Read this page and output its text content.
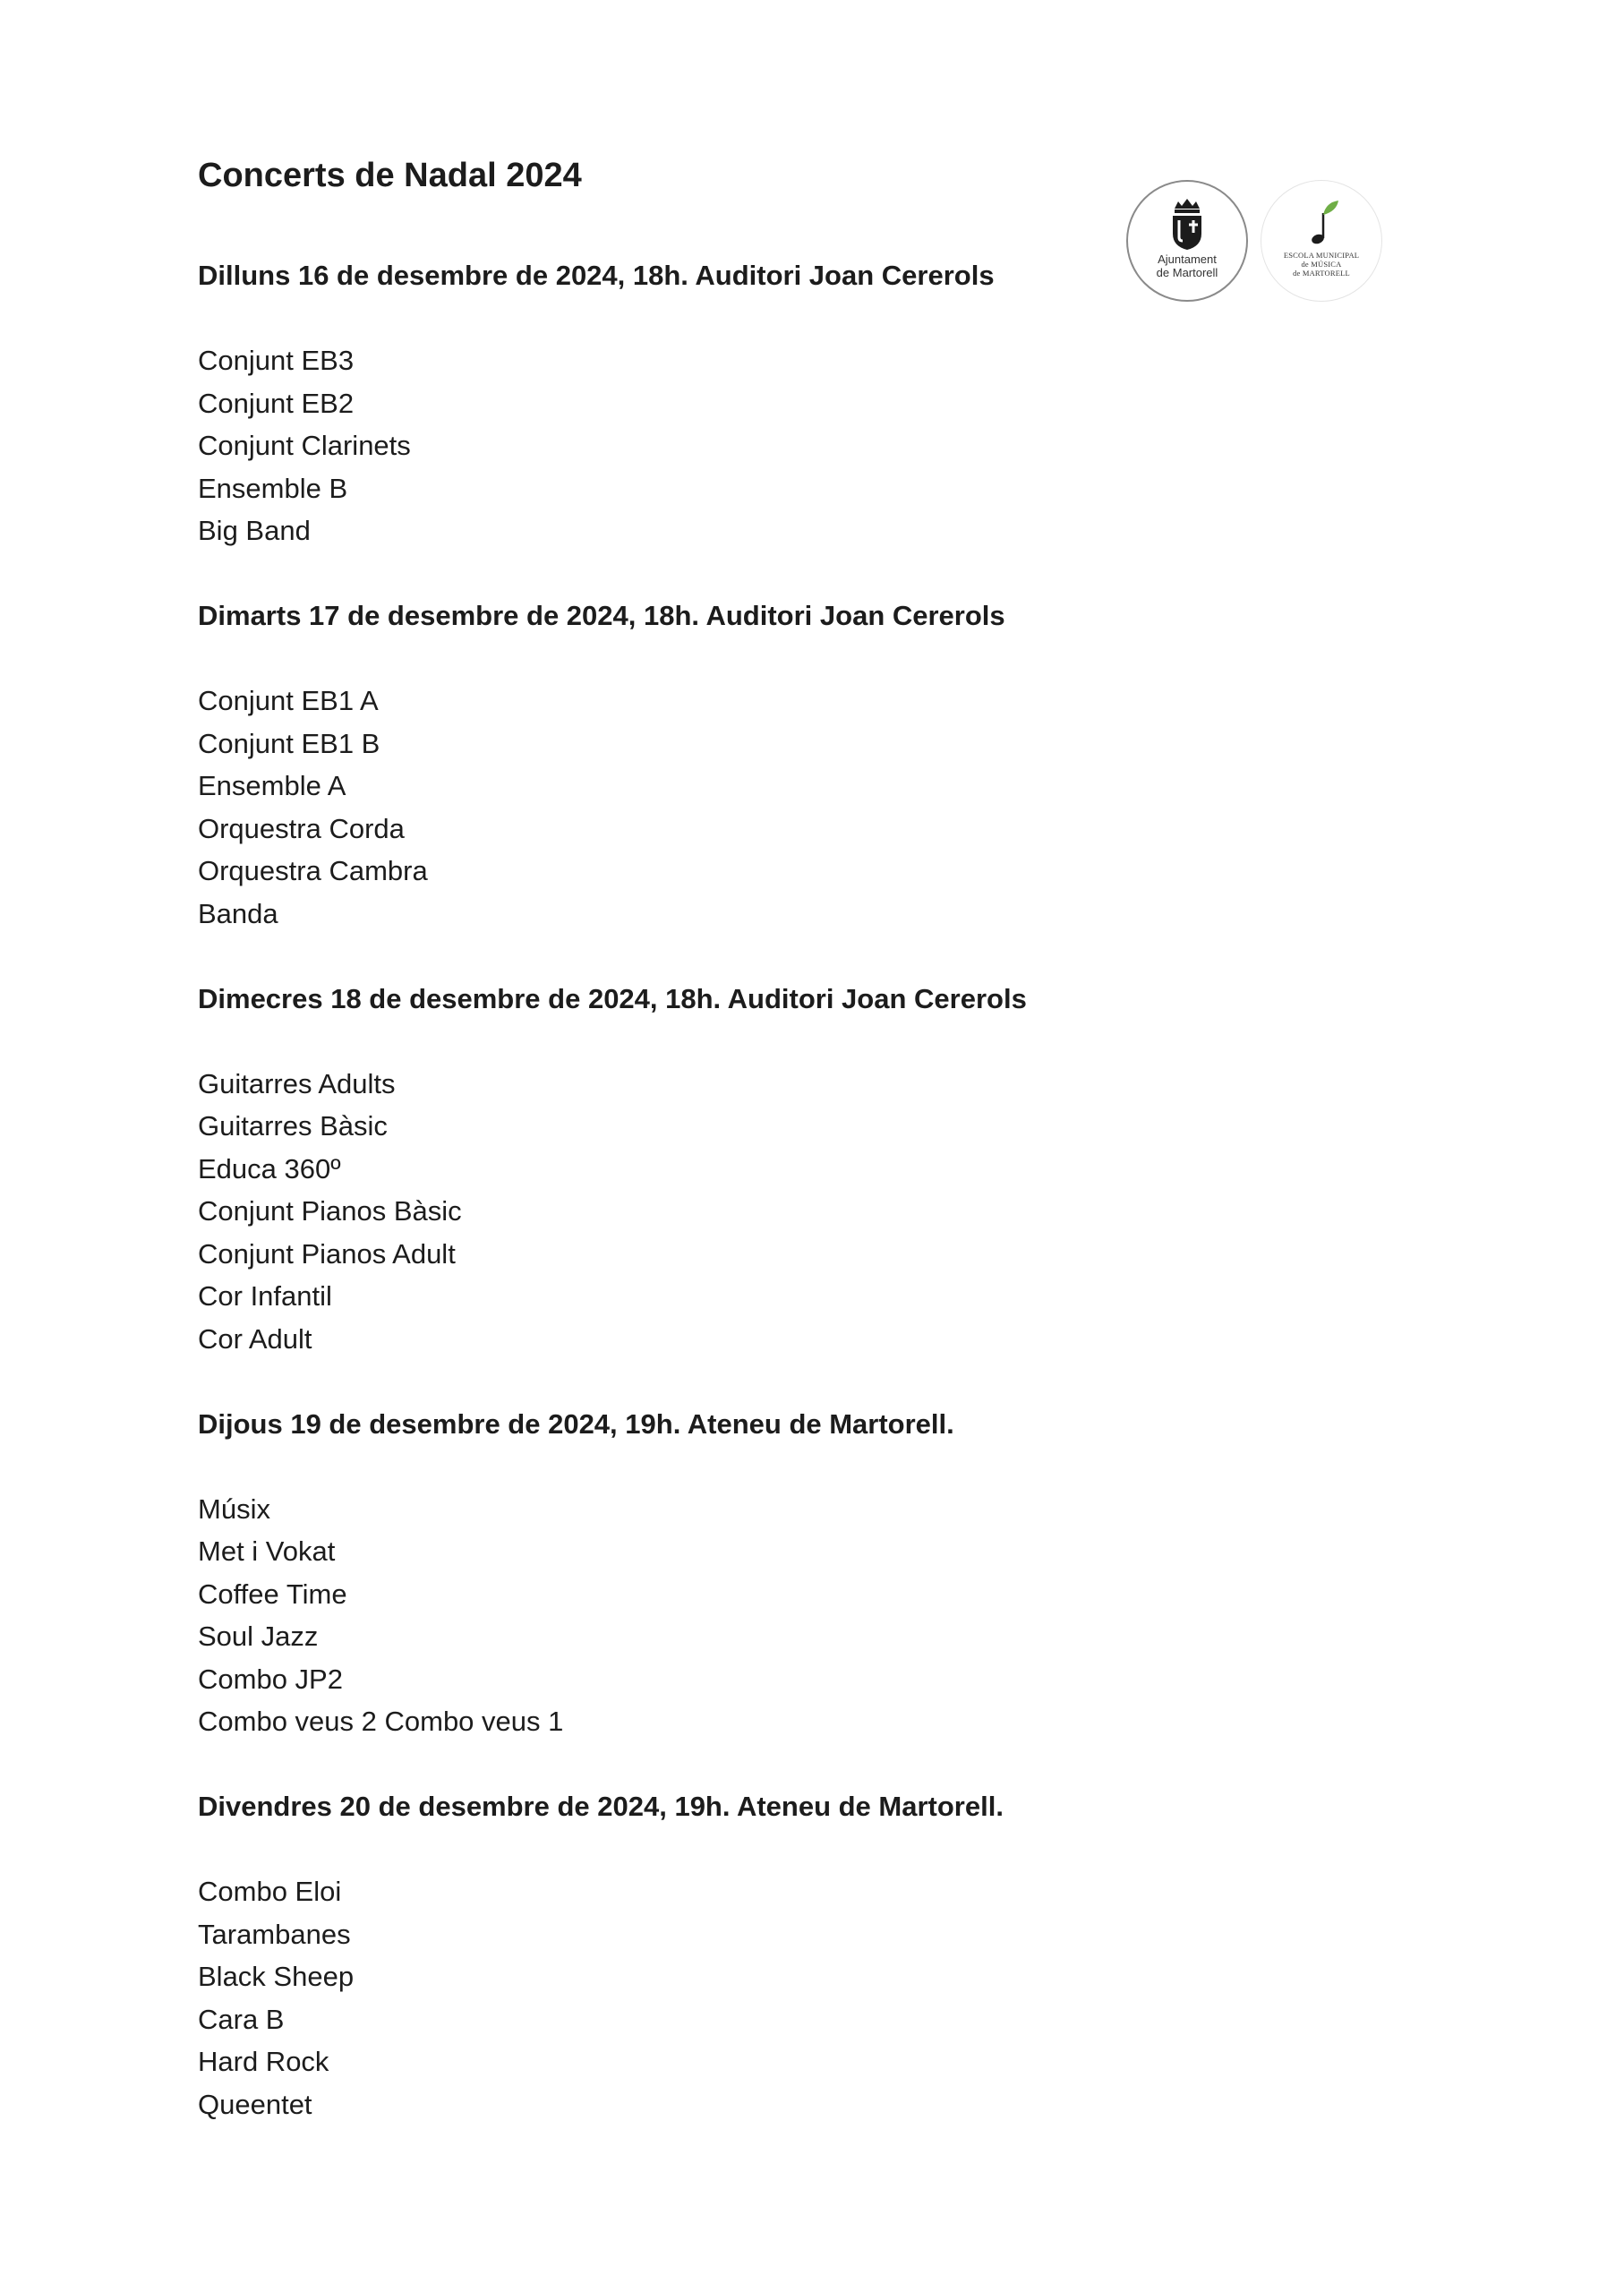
Concerts de Nadal 2024
Ajuntament
de Martorell
ESCOLA MUNICIPAL
de MÚSICA
de MARTORELL

Dilluns 16 de desembre de 2024, 18h. Auditori Joan Cererols

Conjunt EB3
Conjunt EB2
Conjunt Clarinets
Ensemble B
Big Band

Dimarts 17 de desembre de 2024, 18h. Auditori Joan Cererols

Conjunt EB1 A
Conjunt EB1 B
Ensemble A
Orquestra Corda
Orquestra Cambra
Banda

Dimecres 18 de desembre de 2024, 18h. Auditori Joan Cererols

Guitarres Adults
Guitarres Bàsic
Educa 360º
Conjunt Pianos Bàsic
Conjunt Pianos Adult
Cor Infantil
Cor Adult

Dijous 19 de desembre de 2024, 19h. Ateneu de Martorell.

Músix
Met i Vokat
Coffee Time
Soul Jazz
Combo JP2
Combo veus 2 Combo veus 1

Divendres 20 de desembre de 2024, 19h. Ateneu de Martorell.

Combo Eloi
Tarambanes
Black Sheep
Cara B
Hard Rock
Queentet
